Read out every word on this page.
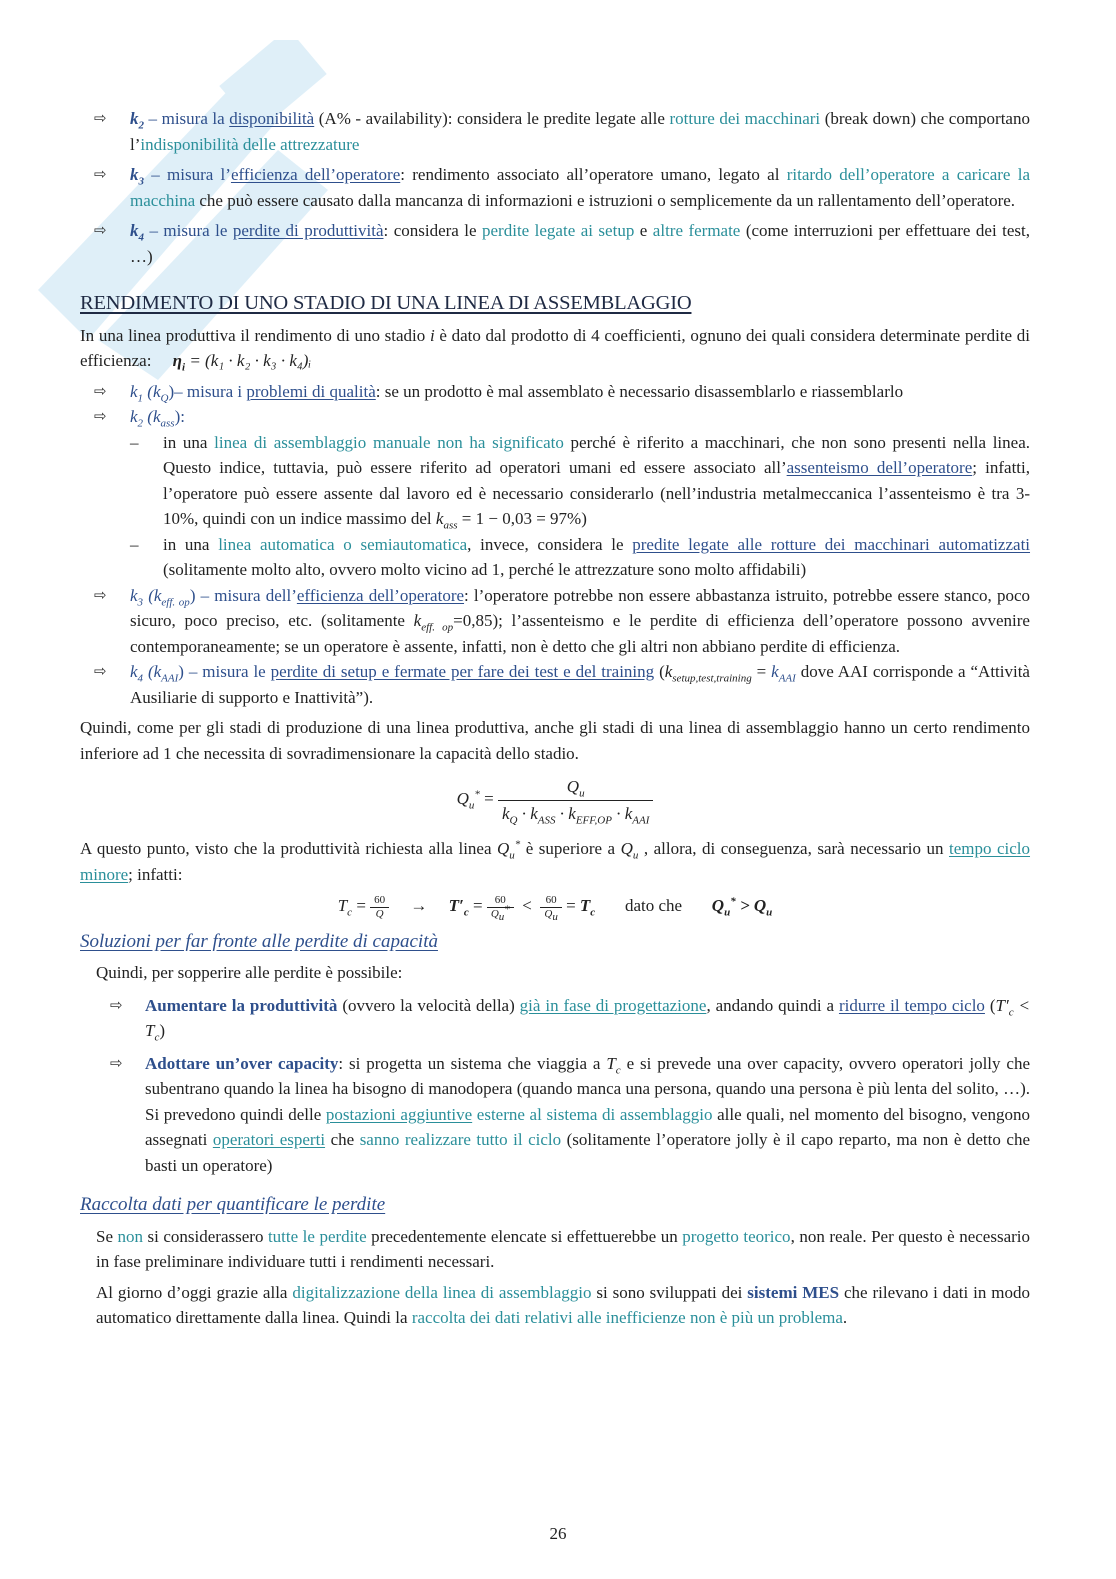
⇨ $k_2$ – misura la disponibilità (A% - availability): considera le predite legate alle rotture dei macchinari (break down) che comportano l’indisponibilità delle attrezzature
⇨ $k_3$ – misura l’efficienza dell’operatore: rendimento associato all’operatore umano, legato al ritardo dell’operatore a caricare la macchina che può essere causato dalla mancanza di informazioni e istruzioni o semplicemente da un rallentamento dell’operatore.
⇨ $k_4$ – misura le perdite di produttività: considera le perdite legate ai setup e altre fermate (come interruzioni per effettuare dei test, …)
RENDIMENTO DI UNO STADIO DI UNA LINEA DI ASSEMBLAGGIO

In una linea produttiva il rendimento di uno stadio i è dato dal prodotto di 4 coefficienti, ognuno dei quali considera determinate perdite di efficienza: $\eta_i = (k_1 \cdot k_2 \cdot k_3$ · k₄)ᵢ

⇨ $k_1$ $(k_Q)-$ misura i problemi di qualità: se un prodotto è mal assemblato è necessario disassemblarlo e riassemblarlo
⇨ $k_2$ $(k_{ass})$:
– in una linea di assemblaggio manuale non ha significato perché è riferito a macchinari, che non sono presenti nella linea. Questo indice, tuttavia, può essere riferito ad operatori umani ed essere associato all’assenteismo dell’operatore; infatti, l’operatore può essere assente dal lavoro ed è necessario considerarlo (nell’industria metalmeccanica l’assenteismo è tra 3-10%, quindi con un indice massimo del $k_{ass} = 1 - 0,03 = 97\%$)
– in una linea automatica o semiautomatica, invece, considera le predite legate alle rotture dei macchinari automatizzati (solitamente molto alto, ovvero molto vicino ad 1, perché le attrezzature sono molto affidabili)
⇨ $k_3$ $(k_{eff. op})$ – misura dell’efficienza dell’operatore: l’operatore potrebbe non essere abbastanza istruito, potrebbe essere stanco, poco sicuro, poco preciso, etc. (solitamente $k_{eff. op}=0,85$); l’assenteismo e le perdite di efficienza dell’operatore possono avvenire contemporaneamente; se un operatore è assente, infatti, non è detto che gli altri non abbiano perdite di efficienza.
⇨ $k_4$ $(k_{AAI})$ – misura le perdite di setup e fermate per fare dei test e del training ($k_{setup,test,training} = k_{AAI}$ dove AAI corrisponde a “Attività Ausiliarie di supporto e Inattività”).

Quindi, come per gli stadi di produzione di una linea produttiva, anche gli stadi di una linea di assemblaggio hanno un certo rendimento inferiore ad 1 che necessita di sovradimensionare la capacità dello stadio.

$Q_u^* = \frac{Q_u}{k_Q \cdot k_{ASS} \cdot k_{EFF,OP} \cdot k_{AAI}}$

A questo punto, visto che la produttività richiesta alla linea $Q_u^*$ è superiore a $Q_u$ , allora, di conseguenza, sarà necessario un tempo ciclo minore; infatti:

$T_c = \frac{60}{Q}$ →     $T'_c = \frac{60}{Q_u^*} < \frac{60}{Q_u} = T_c$ dato che $Q_u^* > Q_u$
Soluzioni per far fronte alle perdite di capacità

Quindi, per sopperire alle perdite è possibile:

⇨ Aumentare la produttività (ovvero la velocità della) già in fase di progettazione, andando quindi a ridurre il tempo ciclo $(T'_c < T_c)$
⇨ Adottare un’over capacity: si progetta un sistema che viaggia a $T_c$ e si prevede una over capacity, ovvero operatori jolly che subentrano quando la linea ha bisogno di manodopera (quando manca una persona, quando una persona è più lenta del solito, …). Si prevedono quindi delle postazioni aggiuntive esterne al sistema di assemblaggio alle quali, nel momento del bisogno, vengono assegnati operatori esperti che sanno realizzare tutto il ciclo (solitamente l’operatore jolly è il capo reparto, ma non è detto che basti un operatore)
Raccolta dati per quantificare le perdite

Se non si considerassero tutte le perdite precedentemente elencate si effettuerebbe un progetto teorico, non reale. Per questo è necessario in fase preliminare individuare tutti i rendimenti necessari.

Al giorno d’oggi grazie alla digitalizzazione della linea di assemblaggio si sono sviluppati dei sistemi MES che rilevano i dati in modo automatico direttamente dalla linea. Quindi la raccolta dei dati relativi alle inefficienze non è più un problema.

26
